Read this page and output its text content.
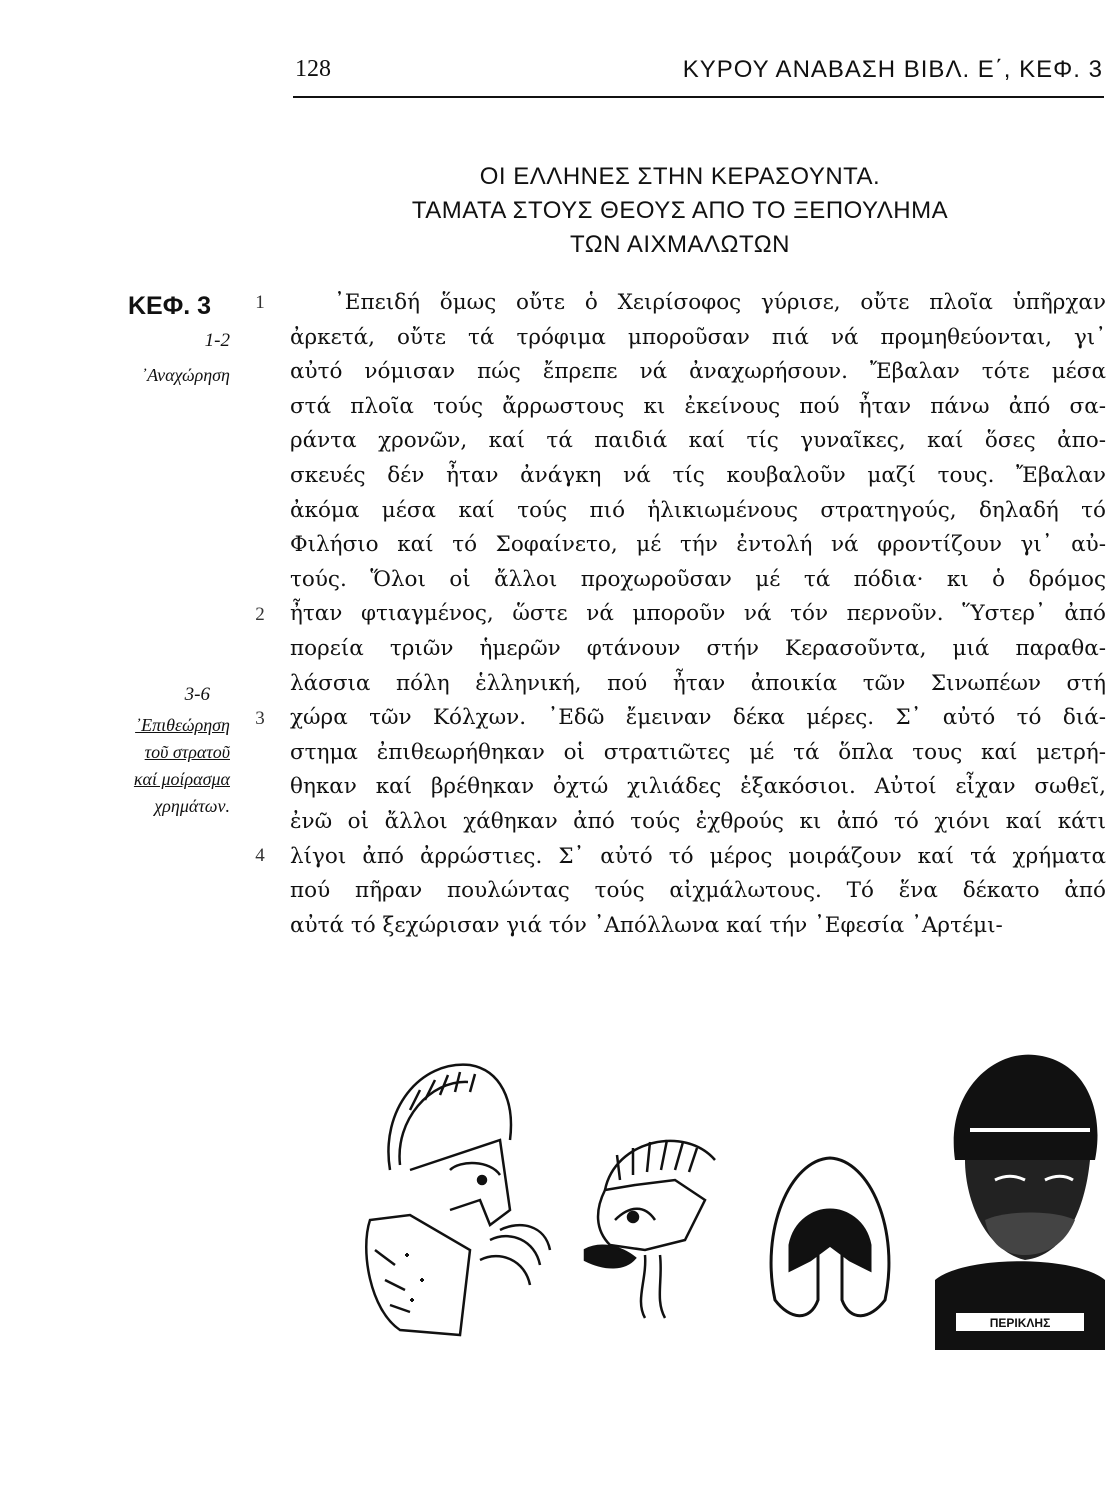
128	ΚΥΡΟΥ ΑΝΑΒΑΣΗ ΒΙΒΛ. Ε΄, ΚΕΦ. 3
ΟΙ ΕΛΛΗΝΕΣ ΣΤΗΝ ΚΕΡΑΣΟΥΝΤΑ.
ΤΑΜΑΤΑ ΣΤΟΥΣ ΘΕΟΥΣ ΑΠΟ ΤΟ ΞΕΠΟΥΛΗΜΑ
ΤΩΝ ΑΙΧΜΑΛΩΤΩΝ
ΚΕΦ. 3
1-2
᾿Αναχώρηση
3-6
᾿Επιθεώρηση
τοῦ στρατοῦ
καί μοίρασμα
χρημάτων.
1
2
3
4
᾿Επειδή ὅμως οὔτε ὁ Χειρίσοφος γύρισε, οὔτε πλοῖα ὑπῆρχαν
ἀρκετά, οὔτε τά τρόφιμα μποροῦσαν πιά νά προμηθεύονται, γι᾿
αὐτό νόμισαν πώς ἔπρεπε νά ἀναχωρήσουν. Ἔβαλαν τότε μέσα
στά πλοῖα τούς ἄρρωστους κι ἐκείνους πού ἦταν πάνω ἀπό σα-
ράντα χρονῶν, καί τά παιδιά καί τίς γυναῖκες, καί ὅσες ἀπο-
σκευές δέν ἦταν ἀνάγκη νά τίς κουβαλοῦν μαζί τους. Ἔβαλαν
ἀκόμα μέσα καί τούς πιό ἡλικιωμένους στρατηγούς, δηλαδή τό
Φιλήσιο καί τό Σοφαίνετο, μέ τήν ἐντολή νά φροντίζουν γι᾿ αὐ-
τούς. Ὅλοι οἱ ἄλλοι προχωροῦσαν μέ τά πόδια· κι ὁ δρόμος
ἦταν φτιαγμένος, ὥστε νά μποροῦν νά τόν περνοῦν. Ὕστερ᾿ ἀπό
πορεία τριῶν ἡμερῶν φτάνουν στήν Κερασοῦντα, μιά παραθα-
λάσσια πόλη ἑλληνική, πού ἦταν ἀποικία τῶν Σινωπέων στή
χώρα τῶν Κόλχων. ᾿Εδῶ ἔμειναν δέκα μέρες. Σ᾿ αὐτό τό διά-
στημα ἐπιθεωρήθηκαν οἱ στρατιῶτες μέ τά ὅπλα τους καί μετρή-
θηκαν καί βρέθηκαν ὀχτώ χιλιάδες ἑξακόσιοι. Αὐτοί εἶχαν σωθεῖ,
ἐνῶ οἱ ἄλλοι χάθηκαν ἀπό τούς ἐχθρούς κι ἀπό τό χιόνι καί κάτι
λίγοι ἀπό ἀρρώστιες. Σ᾿ αὐτό τό μέρος μοιράζουν καί τά χρήματα
πού πῆραν πουλώντας τούς αἰχμάλωτους. Τό ἕνα δέκατο ἀπό
αὐτά τό ξεχώρισαν γιά τόν ᾿Απόλλωνα καί τήν ᾿Εφεσία ᾿Αρτέμι-
ΠΕΡΙΚΛΗΣ
